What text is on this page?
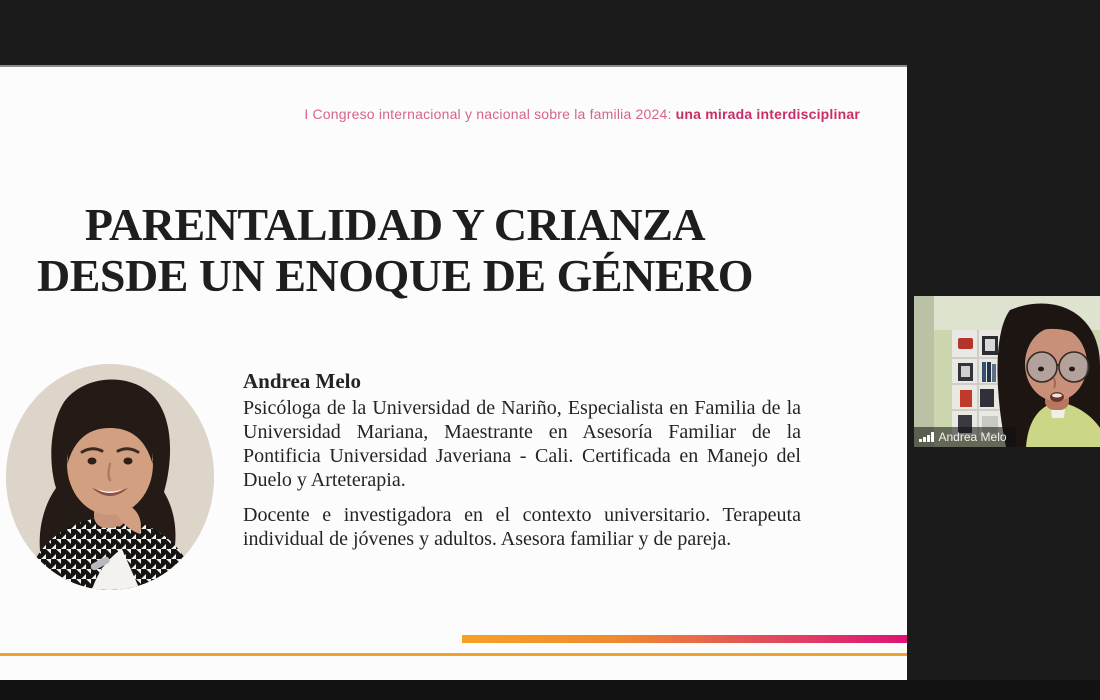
I Congreso internacional y nacional sobre la familia 2024: una mirada interdisciplinar
PARENTALIDAD Y CRIANZA
DESDE UN ENOQUE DE GÉNERO
Andrea Melo

Psicóloga de la Universidad de Nariño, Especialista en Familia de la Universidad Mariana, Maestrante en Asesoría Familiar de la Pontificia Universidad Javeriana - Cali. Certificada en Manejo del Duelo y Arteterapia.

Docente e investigadora en el contexto universitario. Terapeuta individual de jóvenes y adultos. Asesora familiar y de pareja.

Andrea Melo
